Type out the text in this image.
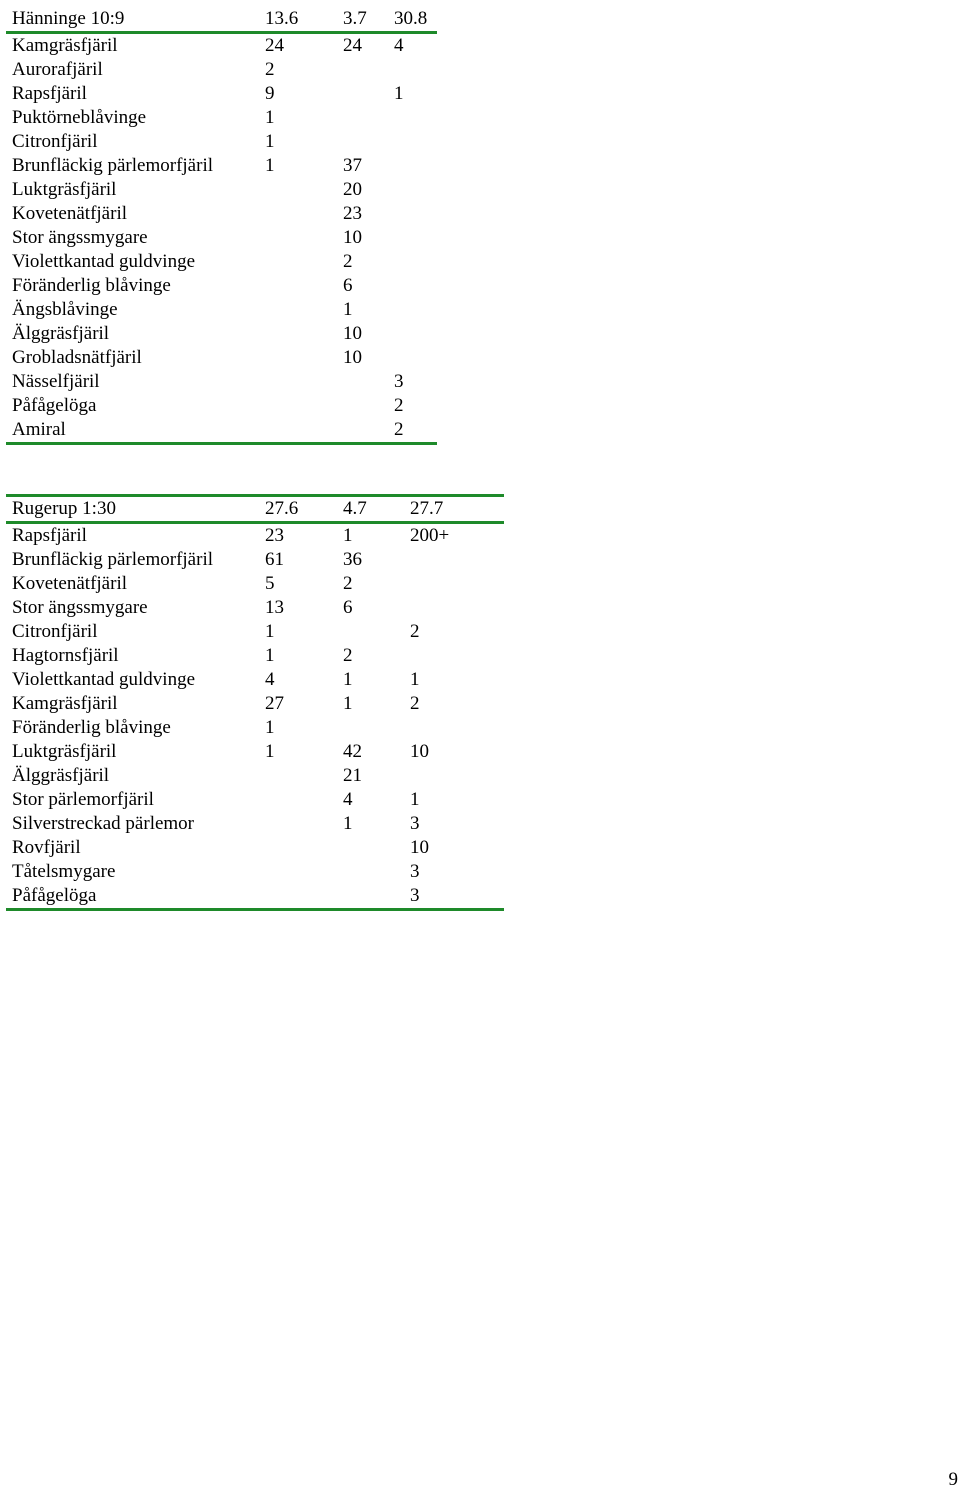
Hänninge 10:9	13.6	3.7	30.8
Kamgräsfjäril	24	24	4
Aurorafjäril	2		
Rapsfjäril	9		1
Puktörneblåvinge	1		
Citronfjäril	1		
Brunfläckig pärlemorfjäril	1	37	
Luktgräsfjäril		20	
Kovetenätfjäril		23	
Stor ängssmygare		10	
Violettkantad guldvinge		2	
Föränderlig blåvinge		6	
Ängsblåvinge		1	
Älggräsfjäril		10	
Grobladsnätfjäril		10	
Nässelfjäril			3
Påfågelöga			2
Amiral			2
Rugerup 1:30	27.6	4.7	27.7
Rapsfjäril	23	1	200+
Brunfläckig pärlemorfjäril	61	36	
Kovetenätfjäril	5	2	
Stor ängssmygare	13	6	
Citronfjäril	1		2
Hagtornsfjäril	1	2	
Violettkantad guldvinge	4	1	1
Kamgräsfjäril	27	1	2
Föränderlig blåvinge	1		
Luktgräsfjäril	1	42	10
Älggräsfjäril		21	
Stor pärlemorfjäril		4	1
Silverstreckad pärlemor		1	3
Rovfjäril			10
Tåtelsmygare			3
Påfågelöga			3
9
